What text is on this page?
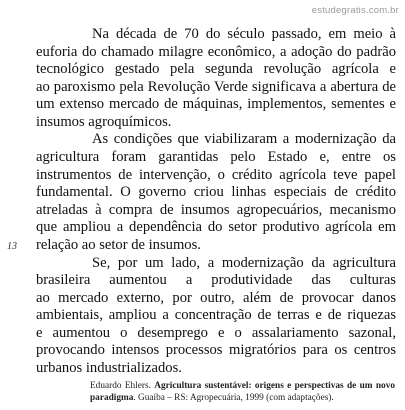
estudegratis.com.br
Na década de 70 do século passado, em meio à
euforia do chamado milagre econômico, a adoção do padrão
tecnológico gestado pela segunda revolução agrícola e
ao paroxismo pela Revolução Verde significava a abertura de
um extenso mercado de máquinas, implementos, sementes e
insumos agroquímicos.
As condições que viabilizaram a modernização da
agricultura foram garantidas pelo Estado e, entre os
instrumentos de intervenção, o crédito agrícola teve papel
fundamental. O governo criou linhas especiais de crédito
atreladas à compra de insumos agropecuários, mecanismo
que ampliou a dependência do setor produtivo agrícola em
13 relação ao setor de insumos.
Se, por um lado, a modernização da agricultura
brasileira aumentou a produtividade das culturas
ao mercado externo, por outro, além de provocar danos
ambientais, ampliou a concentração de terras e de riquezas
e aumentou o desemprego e o assalariamento sazonal,
provocando intensos processos migratórios para os centros
urbanos industrializados.
Eduardo Ehlers. Agricultura sustentável: origens e perspectivas de um novo paradigma. Guaíba – RS: Agropecuária, 1999 (com adaptações).
